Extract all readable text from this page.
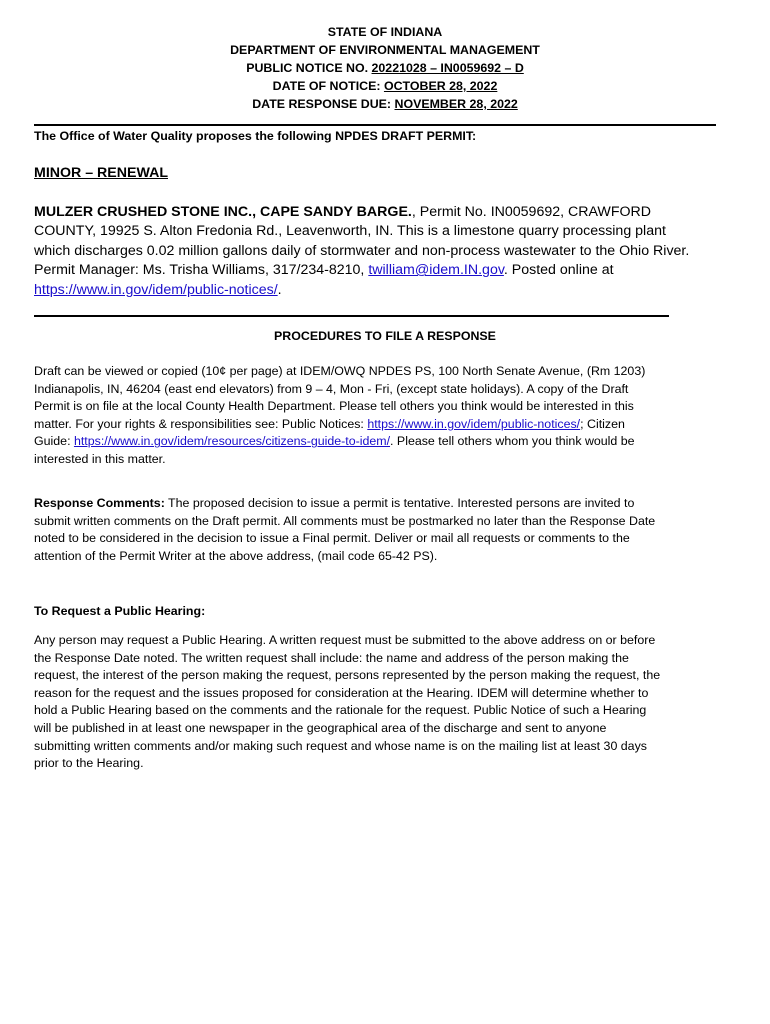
STATE OF INDIANA
DEPARTMENT OF ENVIRONMENTAL MANAGEMENT
PUBLIC NOTICE NO. 20221028 – IN0059692 – D
DATE OF NOTICE: OCTOBER 28, 2022
DATE RESPONSE DUE: NOVEMBER 28, 2022
The Office of Water Quality proposes the following NPDES DRAFT PERMIT:
MINOR – RENEWAL
MULZER CRUSHED STONE INC., CAPE SANDY BARGE., Permit No. IN0059692, CRAWFORD
COUNTY, 19925 S. Alton Fredonia Rd., Leavenworth, IN. This is a limestone quarry processing plant
which discharges 0.02 million gallons daily of stormwater and non-process wastewater to the Ohio River.
Permit Manager: Ms. Trisha Williams, 317/234-8210, twilliam@idem.IN.gov. Posted online at
https://www.in.gov/idem/public-notices/.
PROCEDURES TO FILE A RESPONSE
Draft can be viewed or copied (10¢ per page) at IDEM/OWQ NPDES PS, 100 North Senate Avenue, (Rm 1203)
Indianapolis, IN, 46204 (east end elevators) from 9 – 4, Mon - Fri, (except state holidays). A copy of the Draft
Permit is on file at the local County Health Department. Please tell others you think would be interested in this
matter. For your rights & responsibilities see: Public Notices: https://www.in.gov/idem/public-notices/; Citizen
Guide: https://www.in.gov/idem/resources/citizens-guide-to-idem/. Please tell others whom you think would be
interested in this matter.
Response Comments: The proposed decision to issue a permit is tentative. Interested persons are invited to
submit written comments on the Draft permit. All comments must be postmarked no later than the Response Date
noted to be considered in the decision to issue a Final permit. Deliver or mail all requests or comments to the
attention of the Permit Writer at the above address, (mail code 65-42 PS).
To Request a Public Hearing:
Any person may request a Public Hearing. A written request must be submitted to the above address on or before
the Response Date noted. The written request shall include: the name and address of the person making the
request, the interest of the person making the request, persons represented by the person making the request, the
reason for the request and the issues proposed for consideration at the Hearing. IDEM will determine whether to
hold a Public Hearing based on the comments and the rationale for the request. Public Notice of such a Hearing
will be published in at least one newspaper in the geographical area of the discharge and sent to anyone
submitting written comments and/or making such request and whose name is on the mailing list at least 30 days
prior to the Hearing.
